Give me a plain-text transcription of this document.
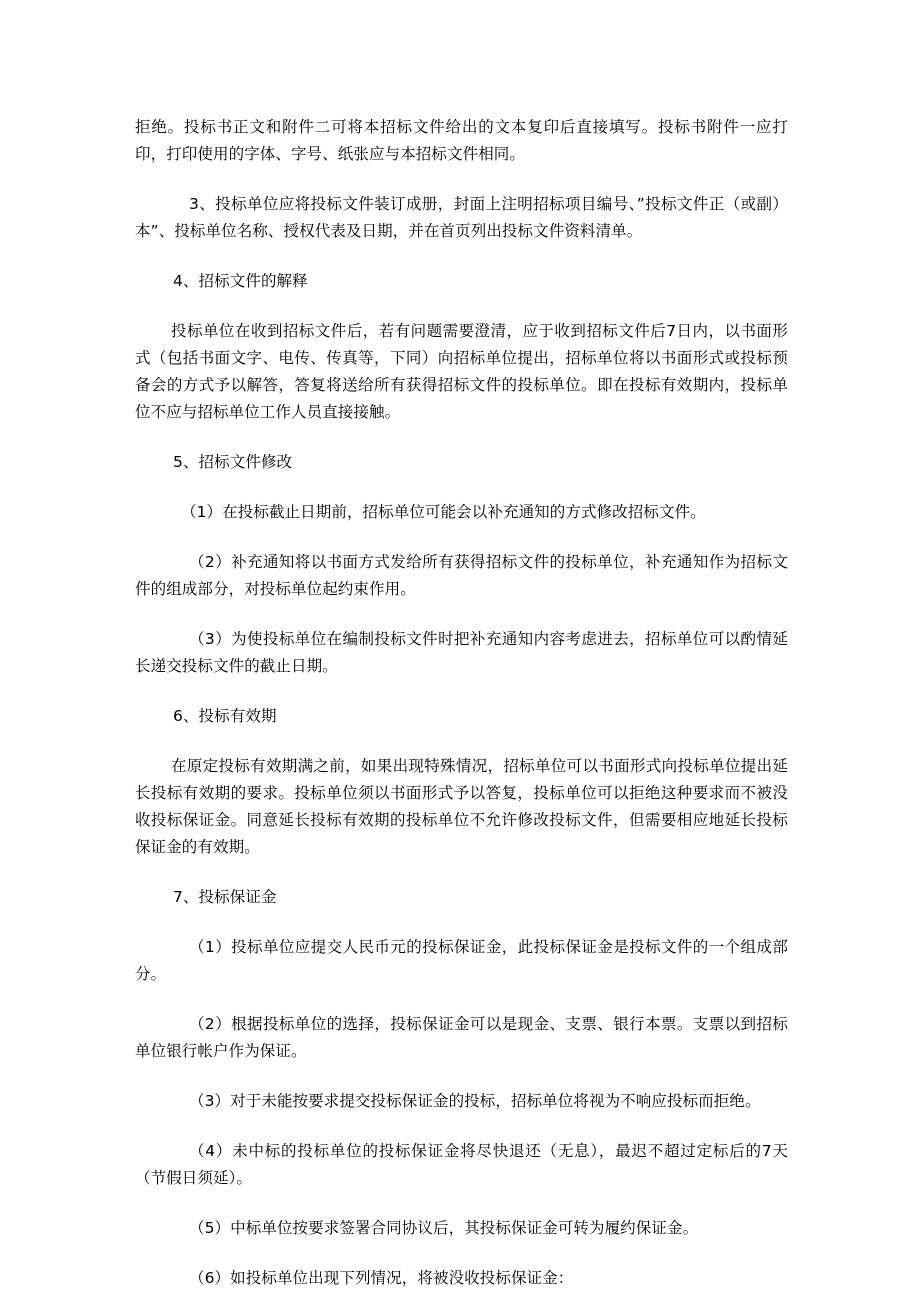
拒绝。投标书正文和附件二可将本招标文件给出的文本复印后直接填写。投标书附件一应打印，打印使用的字体、字号、纸张应与本招标文件相同。

3、投标单位应将投标文件装订成册，封面上注明招标项目编号、”投标文件正（或副）本”、投标单位名称、授权代表及日期，并在首页列出投标文件资料清单。

4、招标文件的解释

投标单位在收到招标文件后，若有问题需要澄清，应于收到招标文件后7日内，以书面形式（包括书面文字、电传、传真等，下同）向招标单位提出，招标单位将以书面形式或投标预备会的方式予以解答，答复将送给所有获得招标文件的投标单位。即在投标有效期内，投标单位不应与招标单位工作人员直接接触。

5、招标文件修改

（1）在投标截止日期前，招标单位可能会以补充通知的方式修改招标文件。

（2）补充通知将以书面方式发给所有获得招标文件的投标单位，补充通知作为招标文件的组成部分，对投标单位起约束作用。

（3）为使投标单位在编制投标文件时把补充通知内容考虑进去，招标单位可以酌情延长递交投标文件的截止日期。

6、投标有效期

在原定投标有效期满之前，如果出现特殊情况，招标单位可以书面形式向投标单位提出延长投标有效期的要求。投标单位须以书面形式予以答复，投标单位可以拒绝这种要求而不被没收投标保证金。同意延长投标有效期的投标单位不允许修改投标文件，但需要相应地延长投标保证金的有效期。

7、投标保证金

（1）投标单位应提交人民币元的投标保证金，此投标保证金是投标文件的一个组成部分。

（2）根据投标单位的选择，投标保证金可以是现金、支票、银行本票。支票以到招标单位银行帐户作为保证。

（3）对于未能按要求提交投标保证金的投标，招标单位将视为不响应投标而拒绝。

（4）未中标的投标单位的投标保证金将尽快退还（无息），最迟不超过定标后的7天（节假日须延）。

（5）中标单位按要求签署合同协议后，其投标保证金可转为履约保证金。

（6）如投标单位出现下列情况，将被没收投标保证金：
